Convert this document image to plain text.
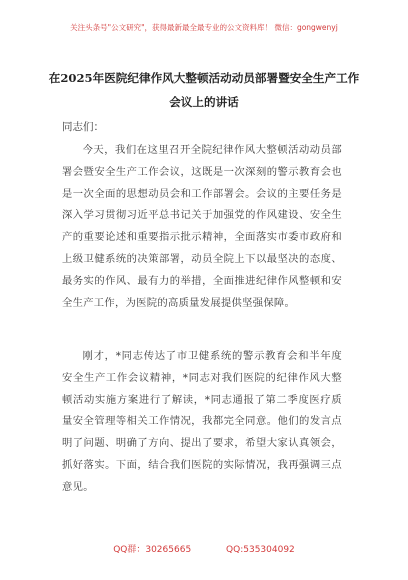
关注头条号"公文研究"，获得最新最全最专业的公文资料库！ 微信：gongwenyj
在2025年医院纪律作风大整顿活动动员部署暨安全生产工作会议上的讲话
同志们：
今天，我们在这里召开全院纪律作风大整顿活动动员部署会暨安全生产工作会议，这既是一次深刻的警示教育会也是一次全面的思想动员会和工作部署会。会议的主要任务是深入学习贯彻习近平总书记关于加强党的作风建设、安全生产的重要论述和重要指示批示精神，全面落实市委市政府和上级卫健系统的决策部署，动员全院上下以最坚决的态度、最务实的作风、最有力的举措，全面推进纪律作风整顿和安全生产工作，为医院的高质量发展提供坚强保障。
刚才，*同志传达了市卫健系统的警示教育会和半年度安全生产工作会议精神，*同志对我们医院的纪律作风大整顿活动实施方案进行了解读，*同志通报了第二季度医疗质量安全管理等相关工作情况，我都完全同意。他们的发言点明了问题、明确了方向、提出了要求，希望大家认真领会，抓好落实。下面，结合我们医院的实际情况，我再强调三点意见。
QQ群：30265665	QQ:535304092
